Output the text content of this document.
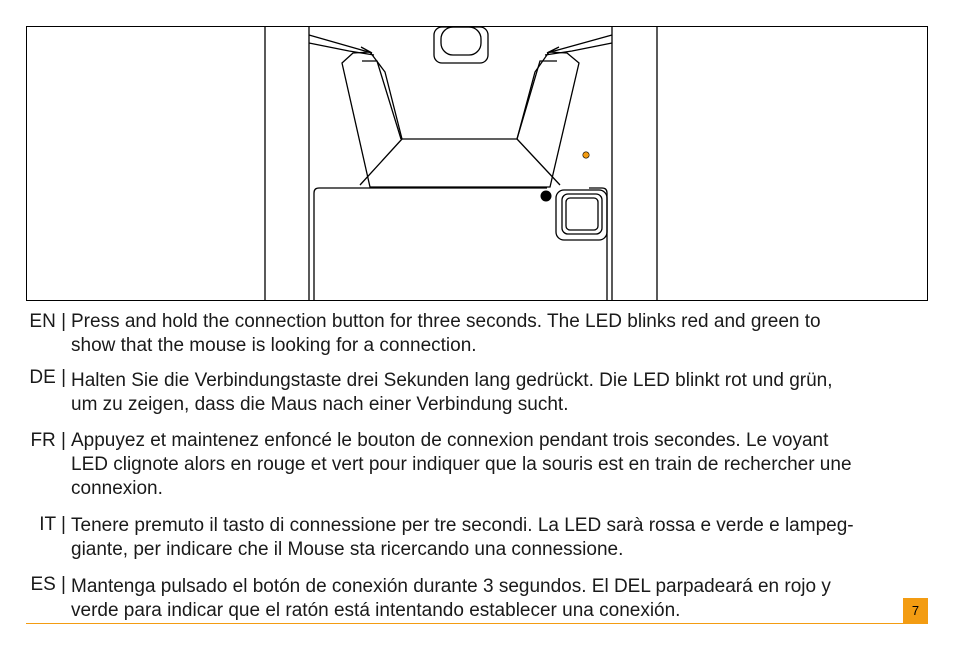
EN | Press and hold the connection button for three seconds. The LED blinks red and green to
show that the mouse is looking for a connection.
DE | Halten Sie die Verbindungstaste drei Sekunden lang gedrückt. Die LED blinkt rot und grün,
um zu zeigen, dass die Maus nach einer Verbindung sucht.
FR | Appuyez et maintenez enfoncé le bouton de connexion pendant trois secondes. Le voyant
LED clignote alors en rouge et vert pour indiquer que la souris est en train de rechercher une
connexion.
IT | Tenere premuto il tasto di connessione per tre secondi. La LED sarà rossa e verde e lampeg-
giante, per indicare che il Mouse sta ricercando una connessione.
ES | Mantenga pulsado el botón de conexión durante 3 segundos. El DEL parpadeará en rojo y
verde para indicar que el ratón está intentando establecer una conexión.	7
